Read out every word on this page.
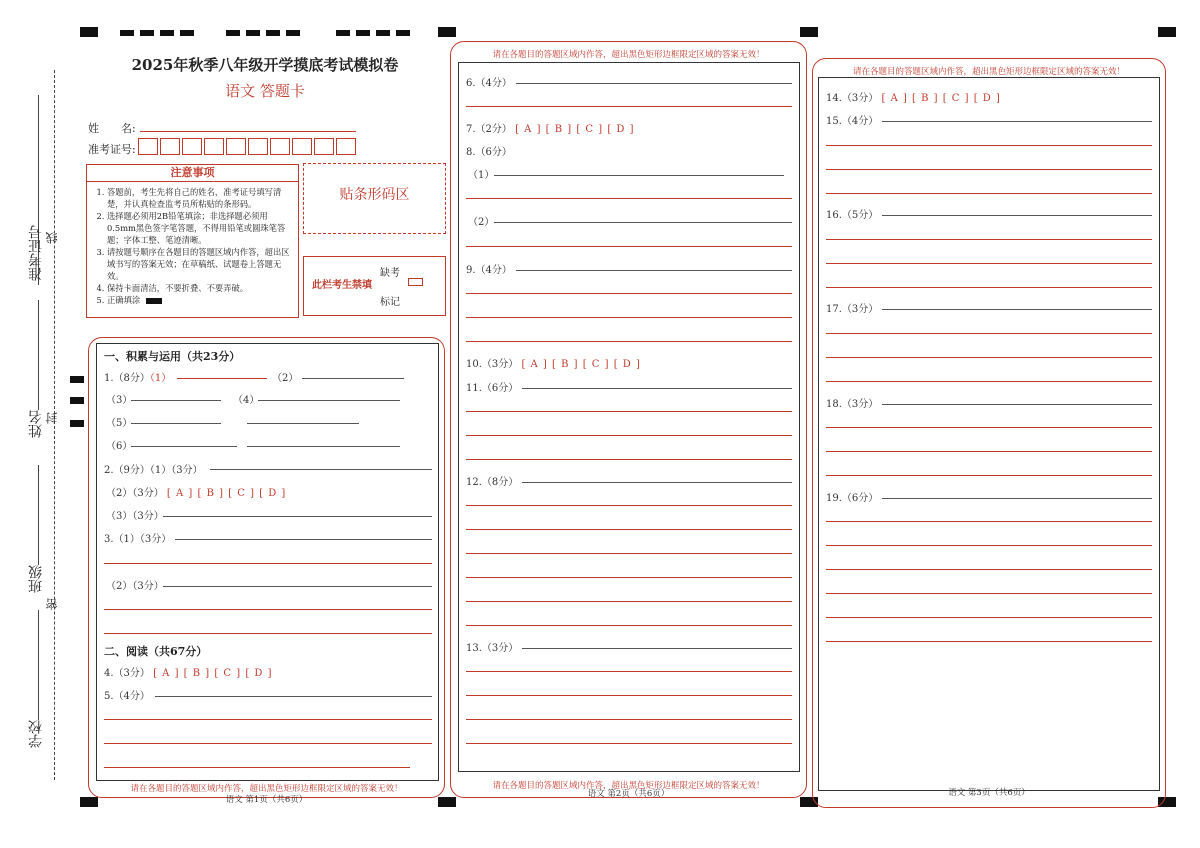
准考证号
姓名
班级
学校
线
封
密
2025年秋季八年级开学摸底考试模拟卷
语文 答题卡
姓　　名:
准考证号:
注意事项
1. 答题前，考生先将自己的姓名，准考证号填写清楚，并认真检查监考员所粘贴的条形码。
2. 选择题必须用2B铅笔填涂；非选择题必须用0.5mm黑色签字笔答题，不得用铅笔或圆珠笔答题；字体工整、笔迹清晰。
3. 请按题号顺序在各题目的答题区域内作答，超出区域书写的答案无效；在草稿纸、试题卷上答题无效。
4. 保持卡面清洁，不要折叠、不要弄破。
5. 正确填涂
贴条形码区
此栏考生禁填
缺考
标记
一、积累与运用（共23分）
1.（8分）（1）	（2）
（3）	（4）
（5）
（6）
2.（9分）（1）（3分）
（2）（3分） [ A ] [ B ] [ C ] [ D ]
（3）（3分）
3.（1）（3分）
（2）（3分）
二、阅读（共67分）
4.（3分） [ A ] [ B ] [ C ] [ D ]
5.（4分）
请在各题目的答题区域内作答，超出黑色矩形边框限定区域的答案无效！
语文 第1页（共6页）
请在各题目的答题区域内作答，超出黑色矩形边框限定区域的答案无效！
6.（4分）
7.（2分） [ A ] [ B ] [ C ] [ D ]
8.（6分）
（1）
（2）
9.（4分）
10.（3分） [ A ] [ B ] [ C ] [ D ]
11.（6分）
12.（8分）
13.（3分）
请在各题目的答题区域内作答，超出黑色矩形边框限定区域的答案无效！
语文 第2页（共6页）
请在各题目的答题区域内作答，超出黑色矩形边框限定区域的答案无效！
14.（3分） [ A ] [ B ] [ C ] [ D ]
15.（4分）
16.（5分）
17.（3分）
18.（3分）
19.（6分）
语文 第3页（共6页）
